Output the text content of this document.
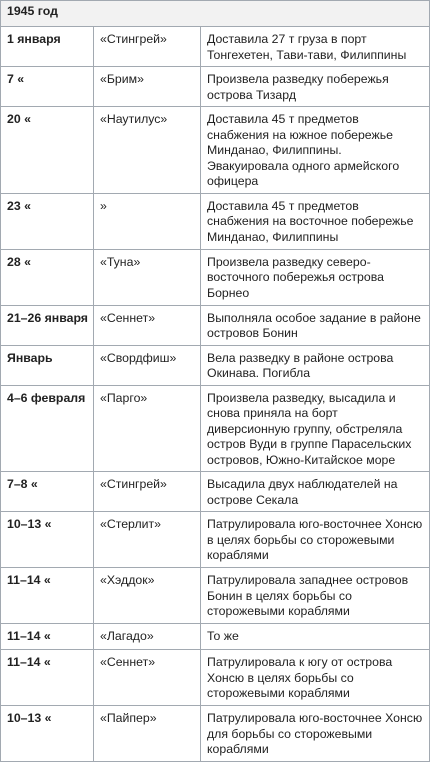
1945 год		
1 января	«Стингрей»	Доставила 27 т груза в порт Тонгехетен, Тави-тави, Филиппины
7 «	«Брим»	Произвела разведку побережья острова Тизард
20 «	«Наутилус»	Доставила 45 т предметов снабжения на южное побережье Минданао, Филиппины. Эвакуировала одного армейского офицера
23 «	»	Доставила 45 т предметов снабжения на восточное побережье Минданао, Филиппины
28 «	«Туна»	Произвела разведку северо-восточного побережья острова Борнео
21–26 января	«Сеннет»	Выполняла особое задание в районе островов Бонин
Январь	«Свордфиш»	Вела разведку в районе острова Окинава. Погибла
4–6 февраля	«Парго»	Произвела разведку, высадила и снова приняла на борт диверсионную группу, обстреляла остров Вуди в группе Парасельских островов, Южно-Китайское море
7–8 «	«Стингрей»	Высадила двух наблюдателей на острове Секала
10–13 «	«Стерлит»	Патрулировала юго-восточнее Хонсю в целях борьбы со сторожевыми кораблями
11–14 «	«Хэддок»	Патрулировала западнее островов Бонин в целях борьбы со сторожевыми кораблями
11–14 «	«Лагадо»	То же
11–14 «	«Сеннет»	Патрулировала к югу от острова Хонсю в целях борьбы со сторожевыми кораблями
10–13 «	«Пайпер»	Патрулировала юго-восточнее Хонсю для борьбы со сторожевыми кораблями
